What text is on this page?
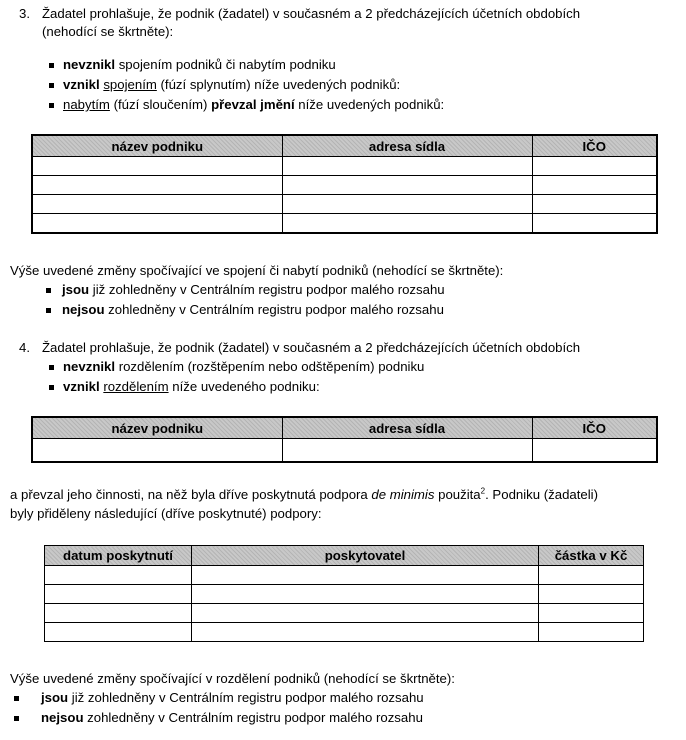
3. Žadatel prohlašuje, že podnik (žadatel) v současném a 2 předcházejících účetních obdobích
(nehodící se škrtněte):
nevznikl spojením podniků či nabytím podniku
vznikl spojením (fúzí splynutím) níže uvedených podniků:
nabytím (fúzí sloučením) převzal jmění níže uvedených podniků:
název podniku	adresa sídla	IČO

Výše uvedené změny spočívající ve spojení či nabytí podniků (nehodící se škrtněte):
jsou již zohledněny v Centrálním registru podpor malého rozsahu
nejsou zohledněny v Centrálním registru podpor malého rozsahu
4. Žadatel prohlašuje, že podnik (žadatel) v současném a 2 předcházejících účetních obdobích
nevznikl rozdělením (rozštěpením nebo odštěpením) podniku
vznikl rozdělením níže uvedeného podniku:
název podniku	adresa sídla	IČO

a převzal jeho činnosti, na něž byla dříve poskytnutá podpora de minimis použita$^2$. Podniku (žadateli)
byly přiděleny následující (dříve poskytnuté) podpory:
datum poskytnutí	poskytovatel	částka v Kč

Výše uvedené změny spočívající v rozdělení podniků (nehodící se škrtněte):
jsou již zohledněny v Centrálním registru podpor malého rozsahu
nejsou zohledněny v Centrálním registru podpor malého rozsahu
